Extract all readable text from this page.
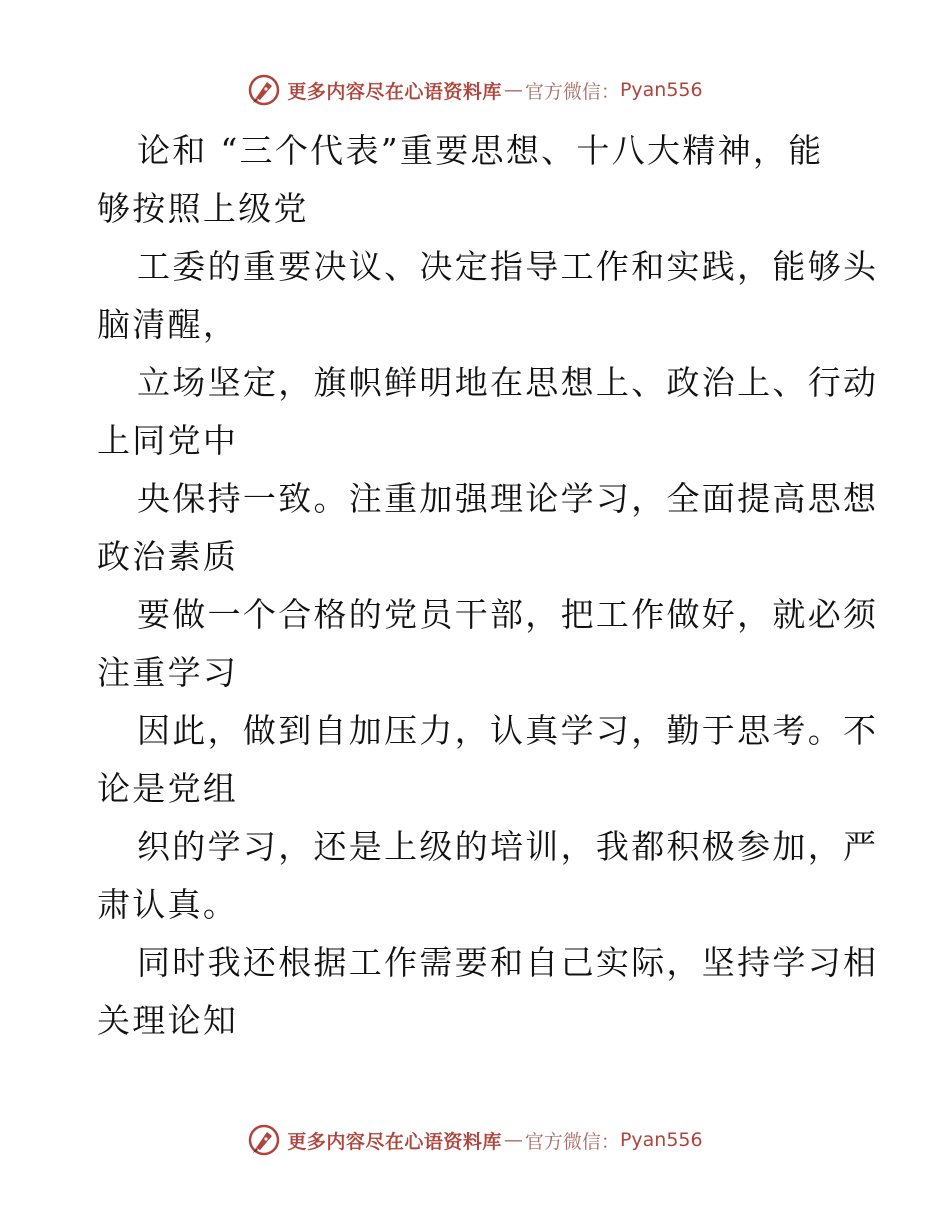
更多内容尽在心语资料库 — 官方微信： Pyan556
论和 “三个代表”重要思想、十八大精神，能
够按照上级党
工委的重要决议、决定指导工作和实践，能够头
脑清醒，
立场坚定，旗帜鲜明地在思想上、政治上、行动
上同党中
央保持一致。注重加强理论学习，全面提高思想
政治素质
要做一个合格的党员干部，把工作做好，就必须
注重学习
因此，做到自加压力，认真学习，勤于思考。不
论是党组
织的学习，还是上级的培训，我都积极参加，严
肃认真。
同时我还根据工作需要和自己实际，坚持学习相
关理论知
更多内容尽在心语资料库 — 官方微信： Pyan556
